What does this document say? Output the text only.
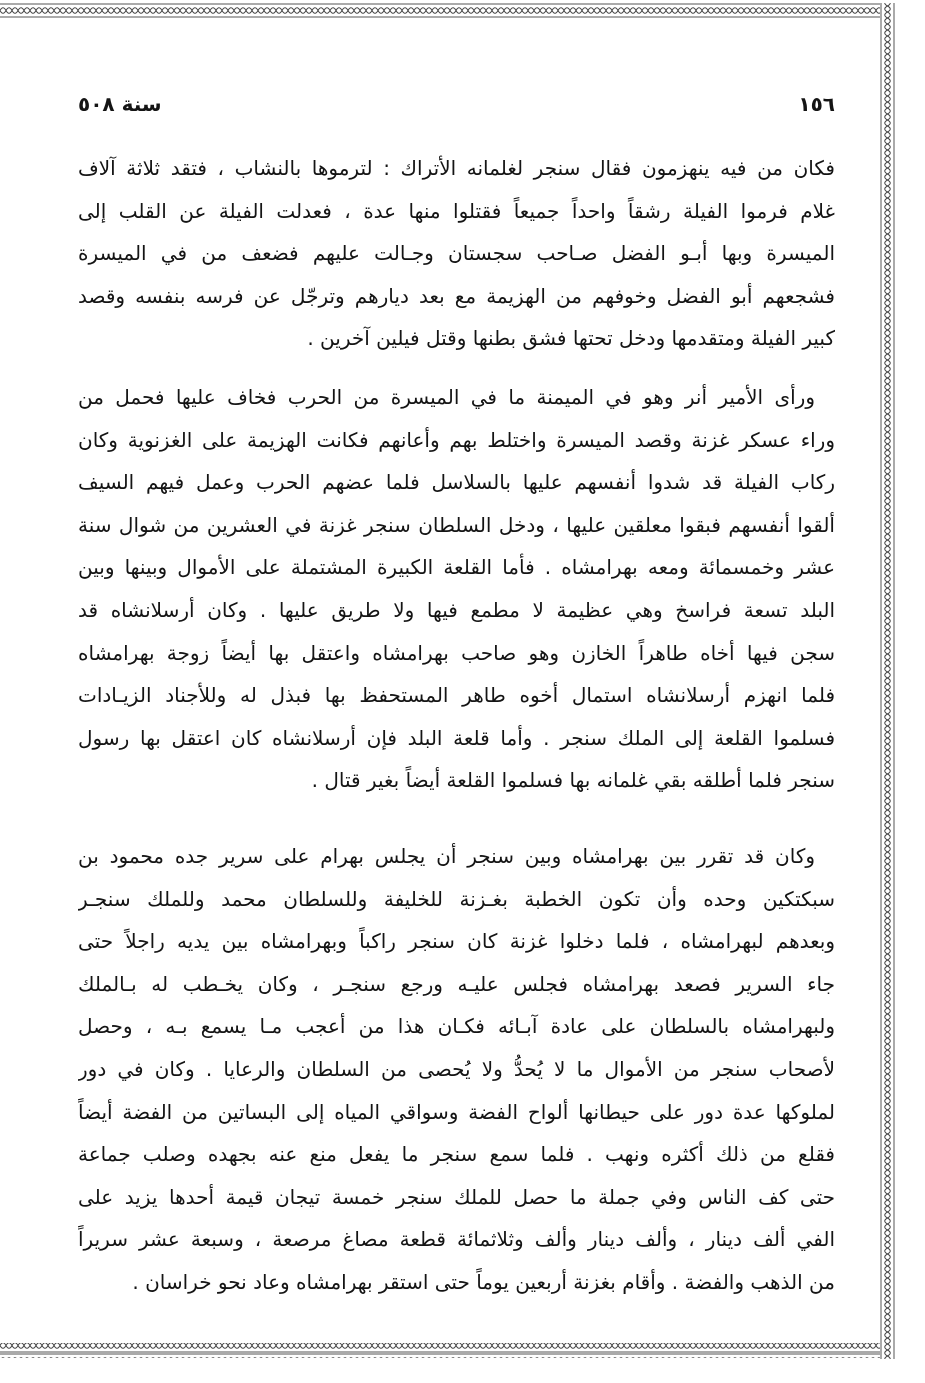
١٥٦
سنة ٥٠٨
فكان من فيه ينهزمون فقال سنجر لغلمانه الأتراك : لترموها بالنشاب ، فتقد ثلاثة آلاف
غلام فرموا الفيلة رشقاً واحداً جميعاً فقتلوا منها عدة ، فعدلت الفيلة عن القلب إلى
الميسرة وبها أبـو الفضل صـاحب سجستان وجـالت عليهم فضعف من في الميسرة
فشجعهم أبو الفضل وخوفهم من الهزيمة مع بعد ديارهم وترجّل عن فرسه بنفسه وقصد
كبير الفيلة ومتقدمها ودخل تحتها فشق بطنها وقتل فيلين آخرين .
ورأى الأمير أنر وهو في الميمنة ما في الميسرة من الحرب فخاف عليها فحمل من
وراء عسكر غزنة وقصد الميسرة واختلط بهم وأعانهم فكانت الهزيمة على الغزنوية وكان
ركاب الفيلة قد شدوا أنفسهم عليها بالسلاسل فلما عضهم الحرب وعمل فيهم السيف
ألقوا أنفسهم فبقوا معلقين عليها ، ودخل السلطان سنجر غزنة في العشرين من شوال سنة
عشر وخمسمائة ومعه بهرامشاه . فأما القلعة الكبيرة المشتملة على الأموال وبينها وبين
البلد تسعة فراسخ وهي عظيمة لا مطمع فيها ولا طريق عليها . وكان أرسلانشاه قد
سجن فيها أخاه طاهراً الخازن وهو صاحب بهرامشاه واعتقل بها أيضاً زوجة بهرامشاه
فلما انهزم أرسلانشاه استمال أخوه طاهر المستحفظ بها فبذل له وللأجناد الزيـادات
فسلموا القلعة إلى الملك سنجر . وأما قلعة البلد فإن أرسلانشاه كان اعتقل بها رسول
سنجر فلما أطلقه بقي غلمانه بها فسلموا القلعة أيضاً بغير قتال .
وكان قد تقرر بين بهرامشاه وبين سنجر أن يجلس بهرام على سرير جده محمود بن
سبكتكين وحده وأن تكون الخطبة بغـزنة للخليفة وللسلطان محمد وللملك سنجـر
وبعدهم لبهرامشاه ، فلما دخلوا غزنة كان سنجر راكباً وبهرامشاه بين يديه راجلاً حتى
جاء السرير فصعد بهرامشاه فجلس عليـه ورجع سنجـر ، وكان يخـطب له بـالملك
ولبهرامشاه بالسلطان على عادة آبـائه فكـان هذا من أعجب مـا يسمع بـه ، وحصل
لأصحاب سنجر من الأموال ما لا يُحدُّ ولا يُحصى من السلطان والرعايا . وكان في دور
لملوكها عدة دور على حيطانها ألواح الفضة وسواقي المياه إلى البساتين من الفضة أيضاً
فقلع من ذلك أكثره ونهب . فلما سمع سنجر ما يفعل منع عنه بجهده وصلب جماعة
حتى كف الناس وفي جملة ما حصل للملك سنجر خمسة تيجان قيمة أحدها يزيد على
الفي ألف دينار ، وألف دينار وألف وثلاثمائة قطعة مصاغ مرصعة ، وسبعة عشر سريراً
من الذهب والفضة . وأقام بغزنة أربعين يوماً حتى استقر بهرامشاه وعاد نحو خراسان .
